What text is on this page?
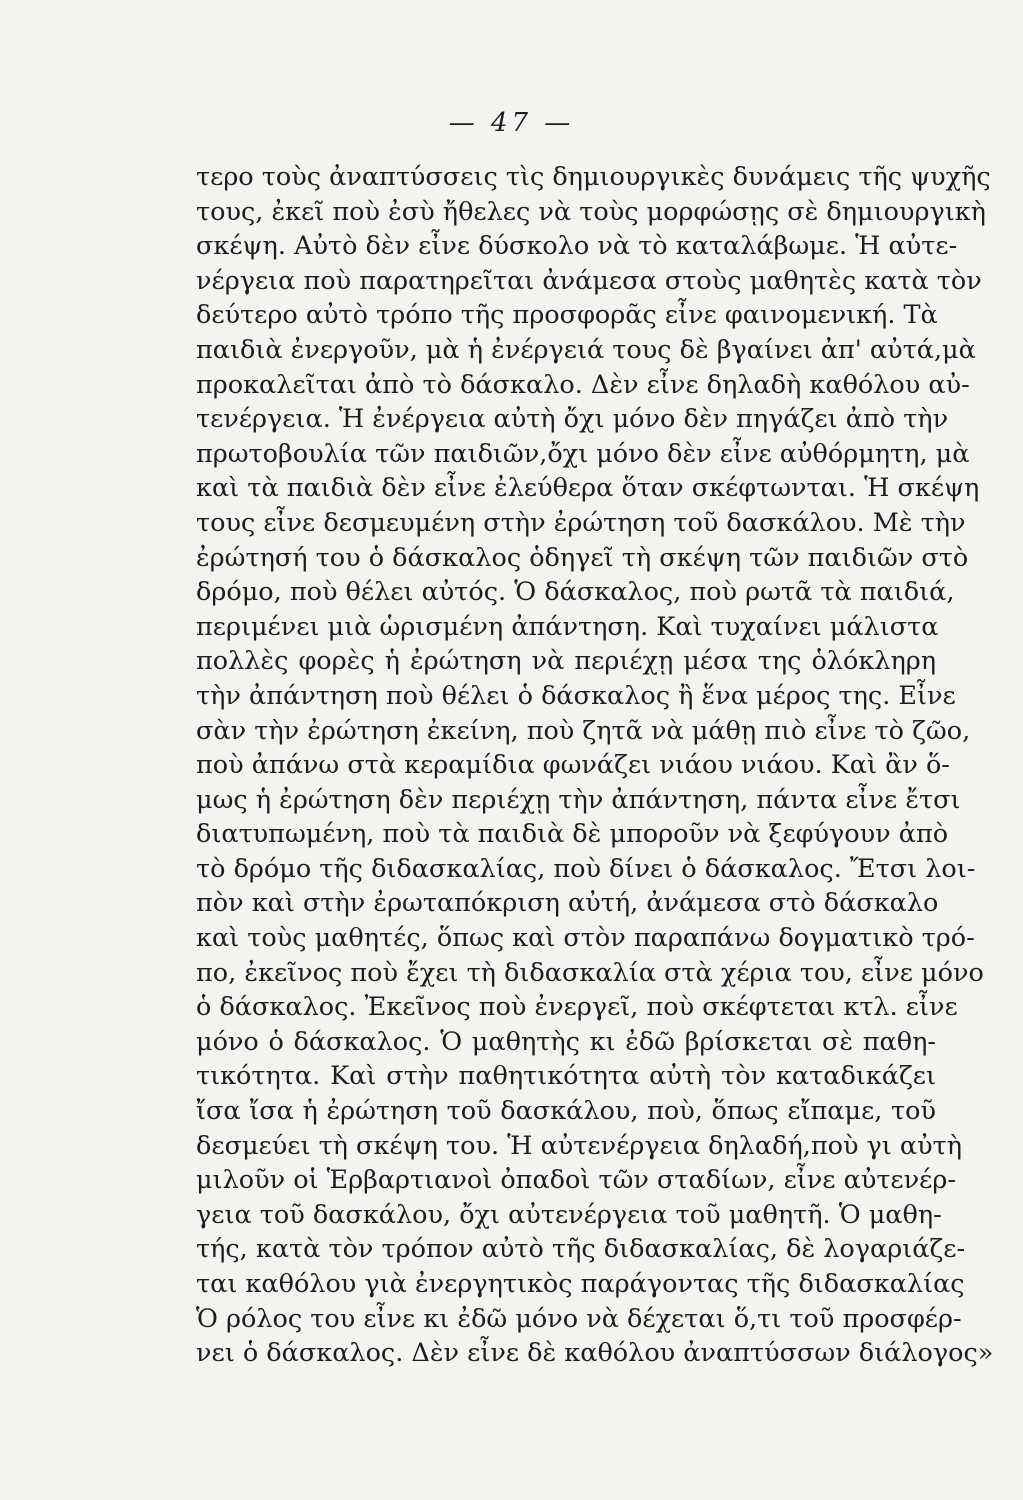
— 47 —
τερο τοὺς ἀναπτύσσεις τὶς δημιουργικὲς δυνάμεις τῆς ψυχῆς
τους, ἐκεῖ ποὺ ἐσὺ ἤθελες νὰ τοὺς μορφώσῃς σὲ δημιουργικὴ
σκέψη. Αὐτὸ δὲν εἶνε δύσκολο νὰ τὸ καταλάβωμε. Ἡ αὐτε-
νέργεια ποὺ παρατηρεῖται ἀνάμεσα στοὺς μαθητὲς κατὰ τὸν
δεύτερο αὐτὸ τρόπο τῆς προσφορᾶς εἶνε φαινομενική. Τὰ
παιδιὰ ἐνεργοῦν, μὰ ἡ ἐνέργειά τους δὲ βγαίνει ἀπ' αὐτά,μὰ
προκαλεῖται ἀπὸ τὸ δάσκαλο. Δὲν εἶνε δηλαδὴ καθόλου αὐ-
τενέργεια. Ἡ ἐνέργεια αὐτὴ ὄχι μόνο δὲν πηγάζει ἀπὸ τὴν
πρωτοβουλία τῶν παιδιῶν,ὄχι μόνο δὲν εἶνε αὐθόρμητη, μὰ
καὶ τὰ παιδιὰ δὲν εἶνε ἐλεύθερα ὅταν σκέφτωνται. Ἡ σκέψη
τους εἶνε δεσμευμένη στὴν ἐρώτηση τοῦ δασκάλου. Μὲ τὴν
ἐρώτησή του ὁ δάσκαλος ὁδηγεῖ τὴ σκέψη τῶν παιδιῶν στὸ
δρόμο, ποὺ θέλει αὐτός. Ὁ δάσκαλος, ποὺ ρωτᾶ τὰ παιδιά,
περιμένει μιὰ ὡρισμένη ἀπάντηση. Καὶ τυχαίνει μάλιστα
πολλὲς φορὲς ἡ ἐρώτηση νὰ περιέχῃ μέσα της ὁλόκληρη
τὴν ἀπάντηση ποὺ θέλει ὁ δάσκαλος ἢ ἕνα μέρος της. Εἶνε
σὰν τὴν ἐρώτηση ἐκείνη, ποὺ ζητᾶ νὰ μάθῃ πιὸ εἶνε τὸ ζῶο,
ποὺ ἀπάνω στὰ κεραμίδια φωνάζει νιάου νιάου. Καὶ ἂν ὅ-
μως ἡ ἐρώτηση δὲν περιέχῃ τὴν ἀπάντηση, πάντα εἶνε ἔτσι
διατυπωμένη, ποὺ τὰ παιδιὰ δὲ μποροῦν νὰ ξεφύγουν ἀπὸ
τὸ δρόμο τῆς διδασκαλίας, ποὺ δίνει ὁ δάσκαλος. Ἔτσι λοι-
πὸν καὶ στὴν ἐρωταπόκριση αὐτή, ἀνάμεσα στὸ δάσκαλο
καὶ τοὺς μαθητές, ὅπως καὶ στὸν παραπάνω δογματικὸ τρό-
πο, ἐκεῖνος ποὺ ἔχει τὴ διδασκαλία στὰ χέρια του, εἶνε μόνο
ὁ δάσκαλος. Ἐκεῖνος ποὺ ἐνεργεῖ, ποὺ σκέφτεται κτλ. εἶνε
μόνο ὁ δάσκαλος. Ὁ μαθητὴς κι ἐδῶ βρίσκεται σὲ παθη-
τικότητα. Καὶ στὴν παθητικότητα αὐτὴ τὸν καταδικάζει
ἴσα ἴσα ἡ ἐρώτηση τοῦ δασκάλου, ποὺ, ὅπως εἴπαμε, τοῦ
δεσμεύει τὴ σκέψη του. Ἡ αὐτενέργεια δηλαδή,ποὺ γι αὐτὴ
μιλοῦν οἱ Ἑρβαρτιανοὶ ὀπαδοὶ τῶν σταδίων, εἶνε αὐτενέρ-
γεια τοῦ δασκάλου, ὄχι αὐτενέργεια τοῦ μαθητῆ. Ὁ μαθη-
τής, κατὰ τὸν τρόπον αὐτὸ τῆς διδασκαλίας, δὲ λογαριάζε-
ται καθόλου γιὰ ἐνεργητικὸς παράγοντας τῆς διδασκαλίας
Ὁ ρόλος του εἶνε κι ἐδῶ μόνο νὰ δέχεται ὅ,τι τοῦ προσφέρ-
νει ὁ δάσκαλος. Δὲν εἶνε δὲ καθόλου ἀναπτύσσων διάλογος»
